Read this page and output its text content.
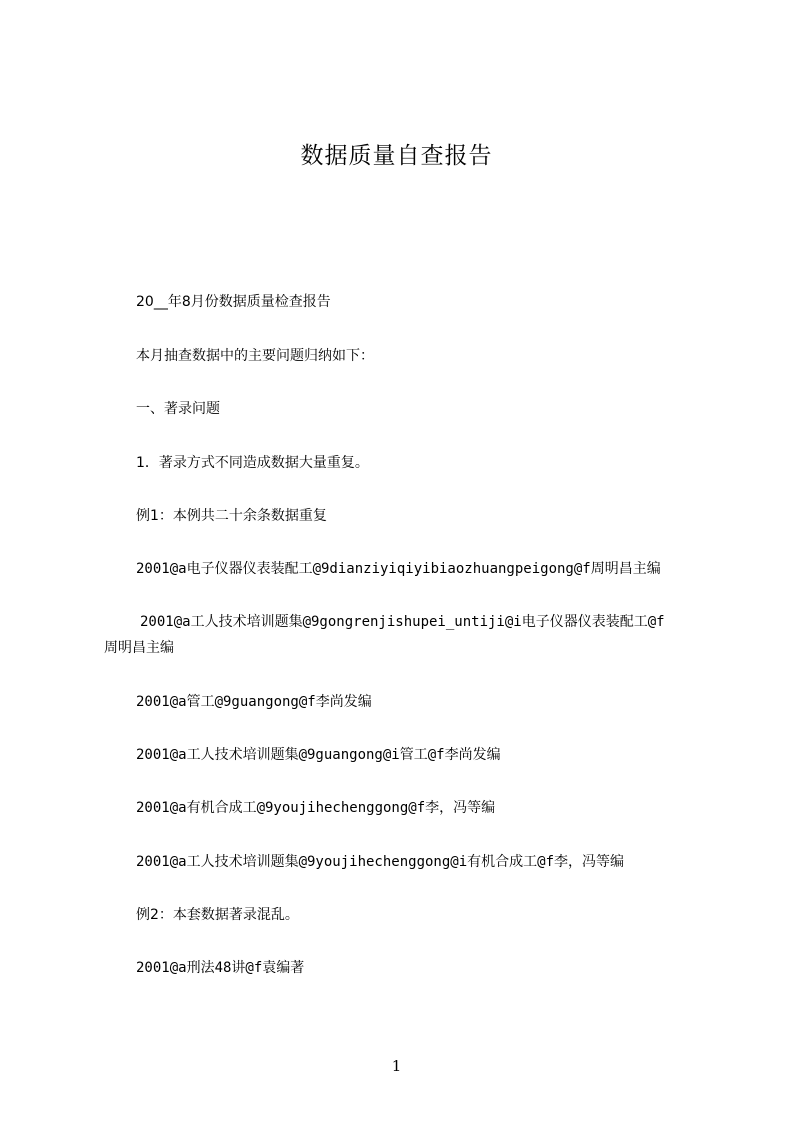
数据质量自查报告
20__年8月份数据质量检查报告
本月抽查数据中的主要问题归纳如下：
一、著录问题
1．著录方式不同造成数据大量重复。
例1：本例共二十余条数据重复
2001@a电子仪器仪表装配工@9dianziyiqiyibiaozhuangpeigong@f周明昌主编
2001@a工人技术培训题集@9gongrenjishupei_untiji@i电子仪器仪表装配工@f
周明昌主编
2001@a管工@9guangong@f李尚发编
2001@a工人技术培训题集@9guangong@i管工@f李尚发编
2001@a有机合成工@9youjihechenggong@f李，冯等编
2001@a工人技术培训题集@9youjihechenggong@i有机合成工@f李，冯等编
例2：本套数据著录混乱。
2001@a刑法48讲@f袁编著
1
